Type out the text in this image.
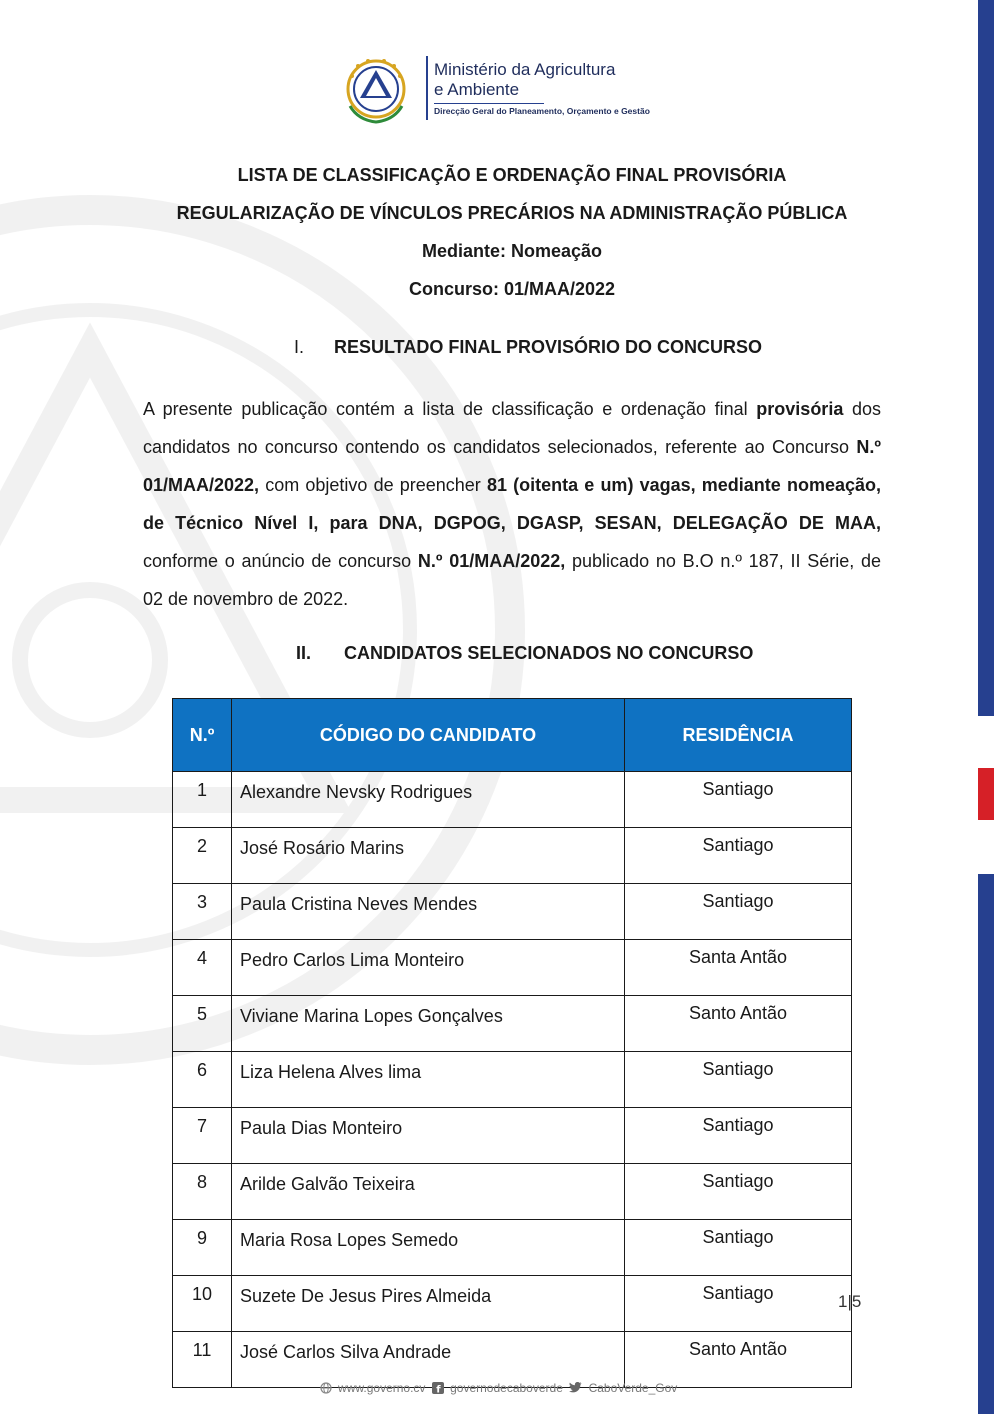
Ministério da Agricultura
e Ambiente
Direcção Geral do Planeamento, Orçamento e Gestão
LISTA DE CLASSIFICAÇÃO E ORDENAÇÃO FINAL PROVISÓRIA
REGULARIZAÇÃO DE VÍNCULOS PRECÁRIOS NA ADMINISTRAÇÃO PÚBLICA
Mediante: Nomeação
Concurso: 01/MAA/2022
I. RESULTADO FINAL PROVISÓRIO DO CONCURSO

A presente publicação contém a lista de classificação e ordenação final provisória dos candidatos no concurso contendo os candidatos selecionados, referente ao Concurso N.º 01/MAA/2022, com objetivo de preencher 81 (oitenta e um) vagas, mediante nomeação, de Técnico Nível I, para DNA, DGPOG, DGASP, SESAN, DELEGAÇÃO DE MAA, conforme o anúncio de concurso N.º 01/MAA/2022, publicado no B.O n.º 187, II Série, de 02 de novembro de 2022.

II. CANDIDATOS SELECIONADOS NO CONCURSO
N.º	CÓDIGO DO CANDIDATO	RESIDÊNCIA
1	Alexandre Nevsky Rodrigues	Santiago
2	José Rosário Marins	Santiago
3	Paula Cristina Neves Mendes	Santiago
4	Pedro Carlos Lima Monteiro	Santa Antão
5	Viviane Marina Lopes Gonçalves	Santo Antão
6	Liza Helena Alves lima	Santiago
7	Paula Dias Monteiro	Santiago
8	Arilde Galvão Teixeira	Santiago
9	Maria Rosa Lopes Semedo	Santiago
10	Suzete De Jesus Pires Almeida	Santiago
11	José Carlos Silva Andrade	Santo Antão
1|5
www.governo.cv f governodecaboverde CaboVerde_Gov
